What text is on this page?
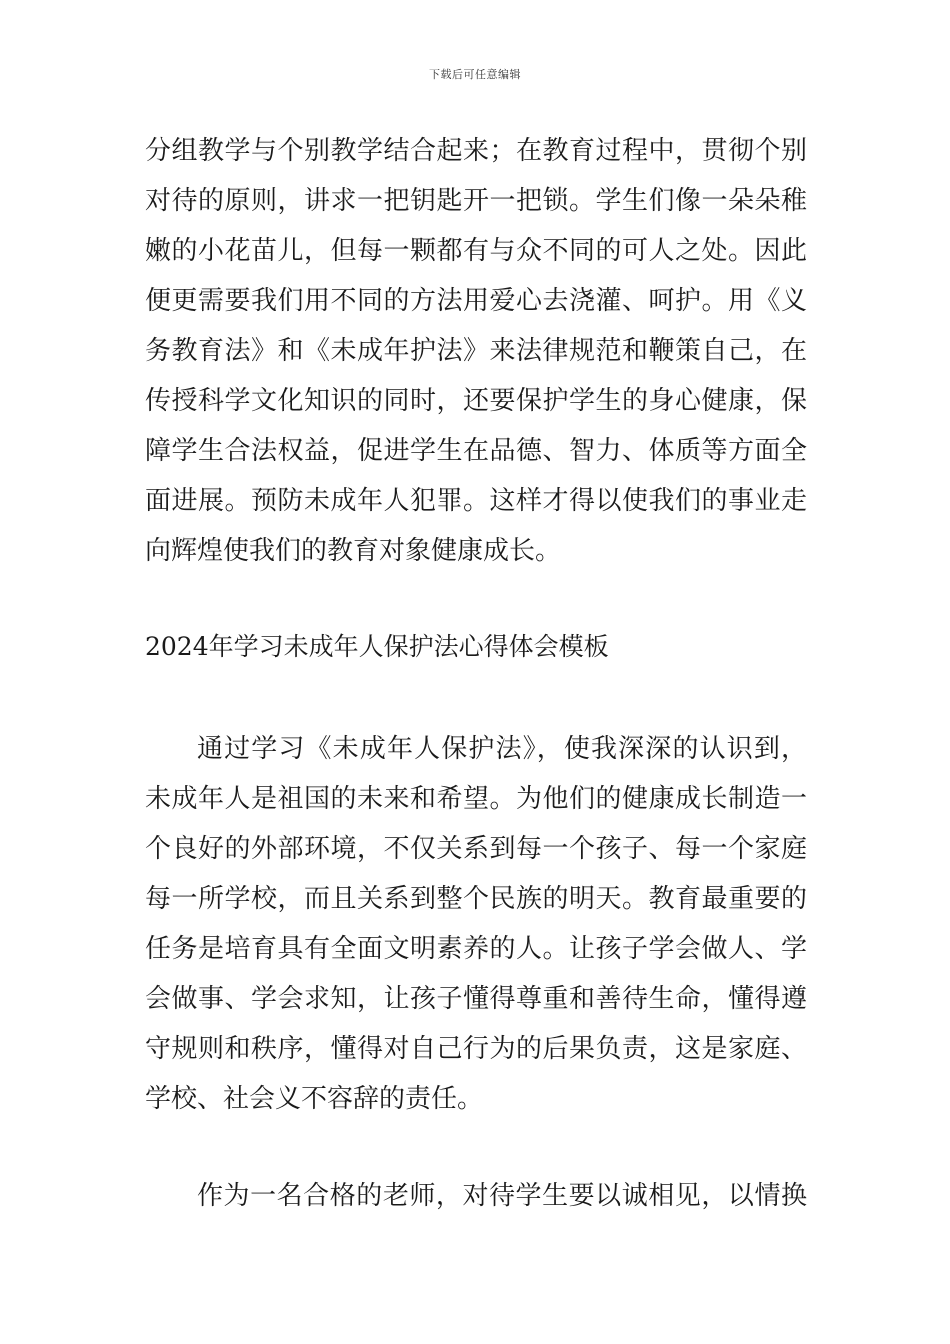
下载后可任意编辑
分组教学与个别教学结合起来；在教育过程中，贯彻个别
对待的原则，讲求一把钥匙开一把锁。学生们像一朵朵稚
嫩的小花苗儿，但每一颗都有与众不同的可人之处。因此
便更需要我们用不同的方法用爱心去浇灌、呵护。用《义
务教育法》和《未成年护法》来法律规范和鞭策自己，在
传授科学文化知识的同时，还要保护学生的身心健康，保
障学生合法权益，促进学生在品德、智力、体质等方面全
面进展。预防未成年人犯罪。这样才得以使我们的事业走
向辉煌使我们的教育对象健康成长。
2024年学习未成年人保护法心得体会模板
通过学习《未成年人保护法》，使我深深的认识到，
未成年人是祖国的未来和希望。为他们的健康成长制造一
个良好的外部环境，不仅关系到每一个孩子、每一个家庭
每一所学校，而且关系到整个民族的明天。教育最重要的
任务是培育具有全面文明素养的人。让孩子学会做人、学
会做事、学会求知，让孩子懂得尊重和善待生命，懂得遵
守规则和秩序，懂得对自己行为的后果负责，这是家庭、
学校、社会义不容辞的责任。
作为一名合格的老师，对待学生要以诚相见，以情换
